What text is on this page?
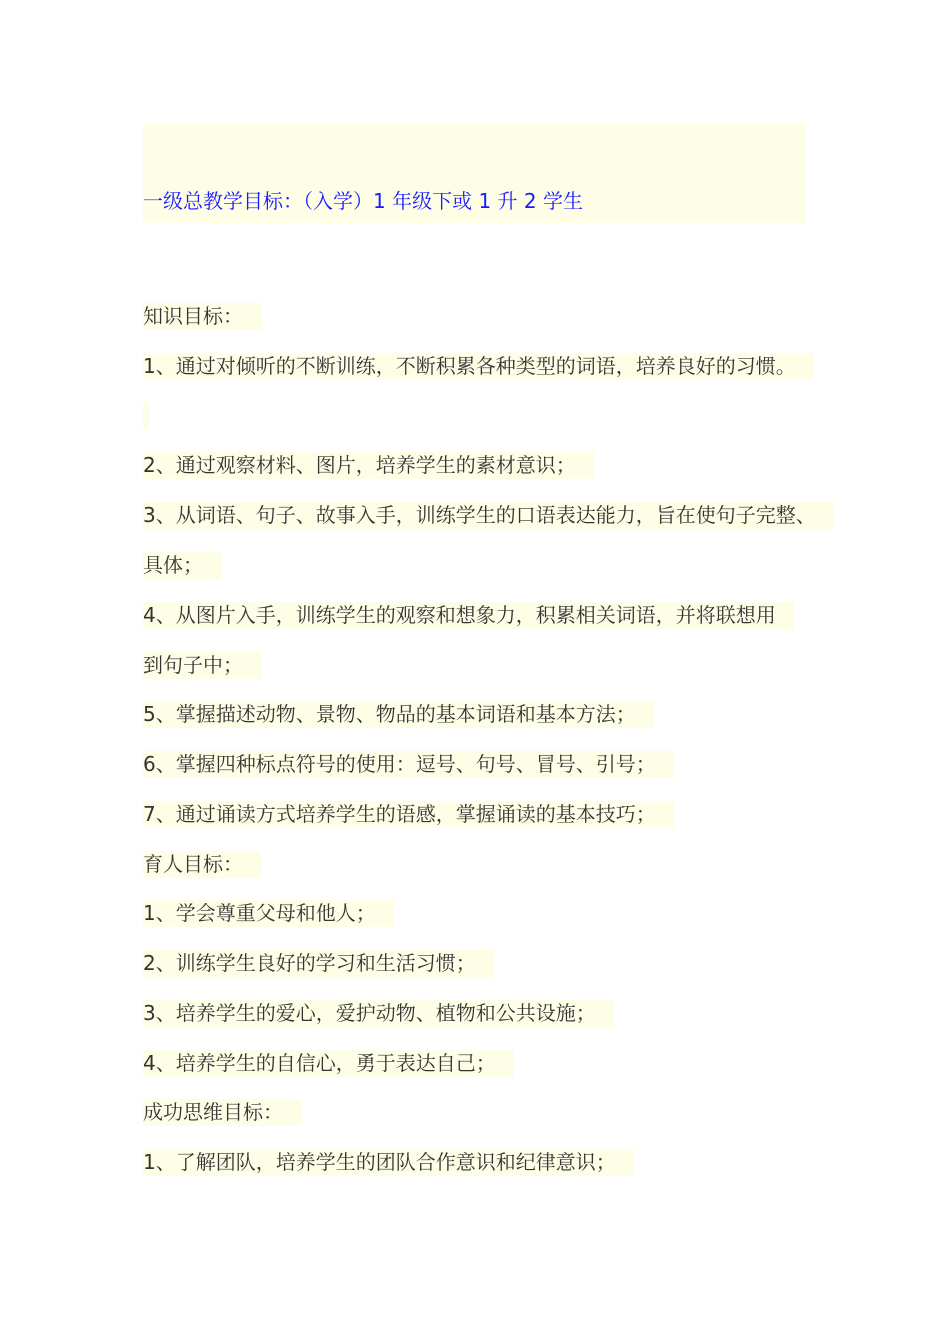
一级总教学目标：（入学）1 年级下或 1 升 2 学生
知识目标：
1、通过对倾听的不断训练，不断积累各种类型的词语，培养良好的习惯。
2、通过观察材料、图片，培养学生的素材意识；
3、从词语、句子、故事入手，训练学生的口语表达能力，旨在使句子完整、
具体；
4、从图片入手，训练学生的观察和想象力，积累相关词语，并将联想用
到句子中；
5、掌握描述动物、景物、物品的基本词语和基本方法；
6、掌握四种标点符号的使用：逗号、句号、冒号、引号；
7、通过诵读方式培养学生的语感，掌握诵读的基本技巧；
育人目标：
1、学会尊重父母和他人；
2、训练学生良好的学习和生活习惯；
3、培养学生的爱心，爱护动物、植物和公共设施；
4、培养学生的自信心，勇于表达自己；
成功思维目标：
1、了解团队，培养学生的团队合作意识和纪律意识；
